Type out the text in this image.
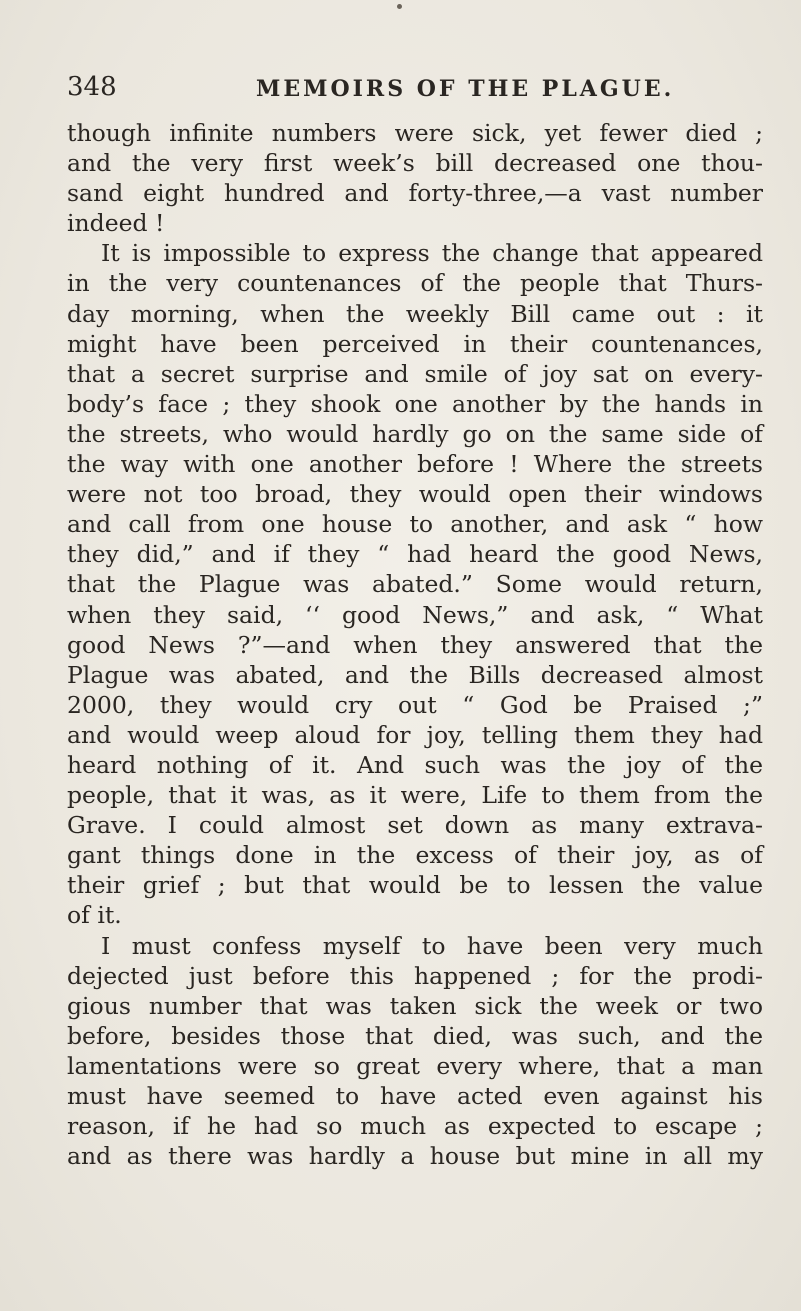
348	MEMOIRS OF THE PLAGUE.
though infinite numbers were sick, yet fewer died ;
and the very first week’s bill decreased one thou-
sand eight hundred and forty-three,—a vast number
indeed !
It is impossible to express the change that appeared
in the very countenances of the people that Thurs-
day morning, when the weekly Bill came out : it
might have been perceived in their countenances,
that a secret surprise and smile of joy sat on every-
body’s face ; they shook one another by the hands in
the streets, who would hardly go on the same side of
the way with one another before ! Where the streets
were not too broad, they would open their windows
and call from one house to another, and ask “ how
they did,” and if they “ had heard the good News,
that the Plague was abated.” Some would return,
when they said, ‘‘ good News,” and ask, “ What
good News ?”—and when they answered that the
Plague was abated, and the Bills decreased almost
2000, they would cry out “ God be Praised ;”
and would weep aloud for joy, telling them they had
heard nothing of it. And such was the joy of the
people, that it was, as it were, Life to them from the
Grave. I could almost set down as many extrava-
gant things done in the excess of their joy, as of
their grief ; but that would be to lessen the value
of it.
I must confess myself to have been very much
dejected just before this happened ; for the prodi-
gious number that was taken sick the week or two
before, besides those that died, was such, and the
lamentations were so great every where, that a man
must have seemed to have acted even against his
reason, if he had so much as expected to escape ;
and as there was hardly a house but mine in all my
